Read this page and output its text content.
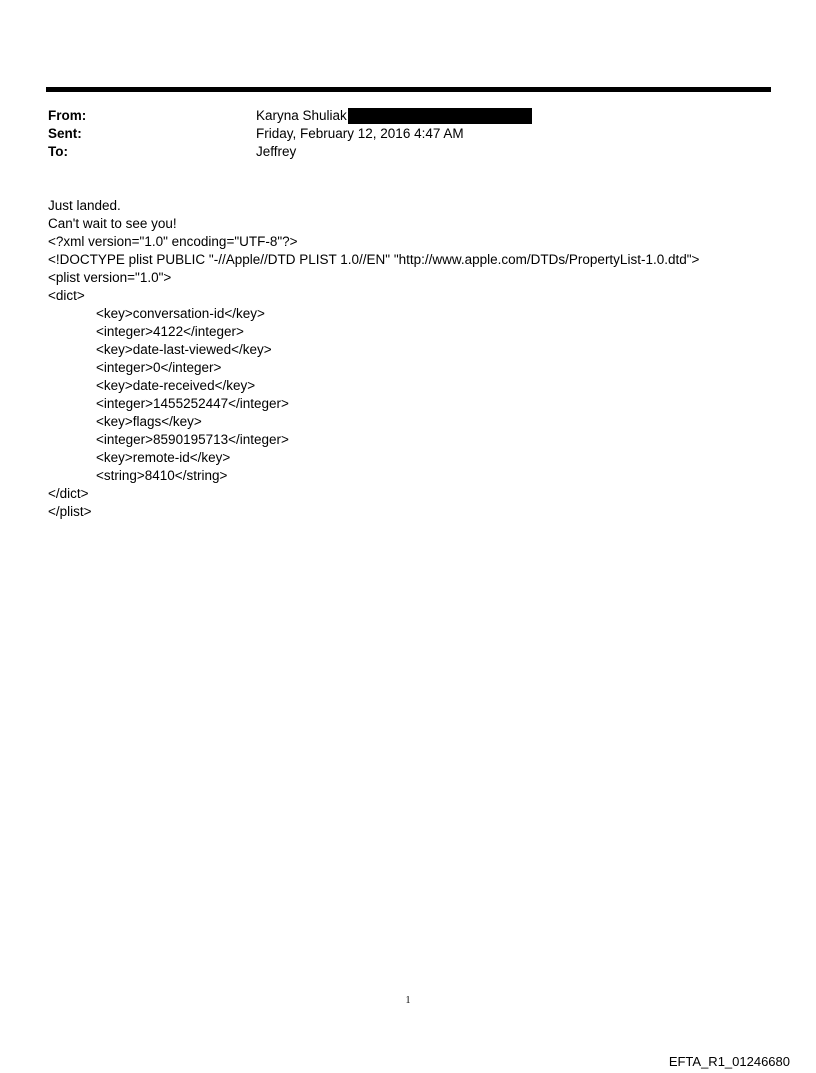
From:	Karyna Shuliak
Sent:	Friday, February 12, 2016 4:47 AM
To:	Jeffrey
Just landed.
Can't wait to see you!
<?xml version="1.0" encoding="UTF-8"?>
<!DOCTYPE plist PUBLIC "-//Apple//DTD PLIST 1.0//EN" "http://www.apple.com/DTDs/PropertyList-1.0.dtd">
<plist version="1.0">
<dict>
<key>conversation-id</key>
<integer>4122</integer>
<key>date-last-viewed</key>
<integer>0</integer>
<key>date-received</key>
<integer>1455252447</integer>
<key>flags</key>
<integer>8590195713</integer>
<key>remote-id</key>
<string>8410</string>
</dict>
</plist>
1
EFTA_R1_01246680
